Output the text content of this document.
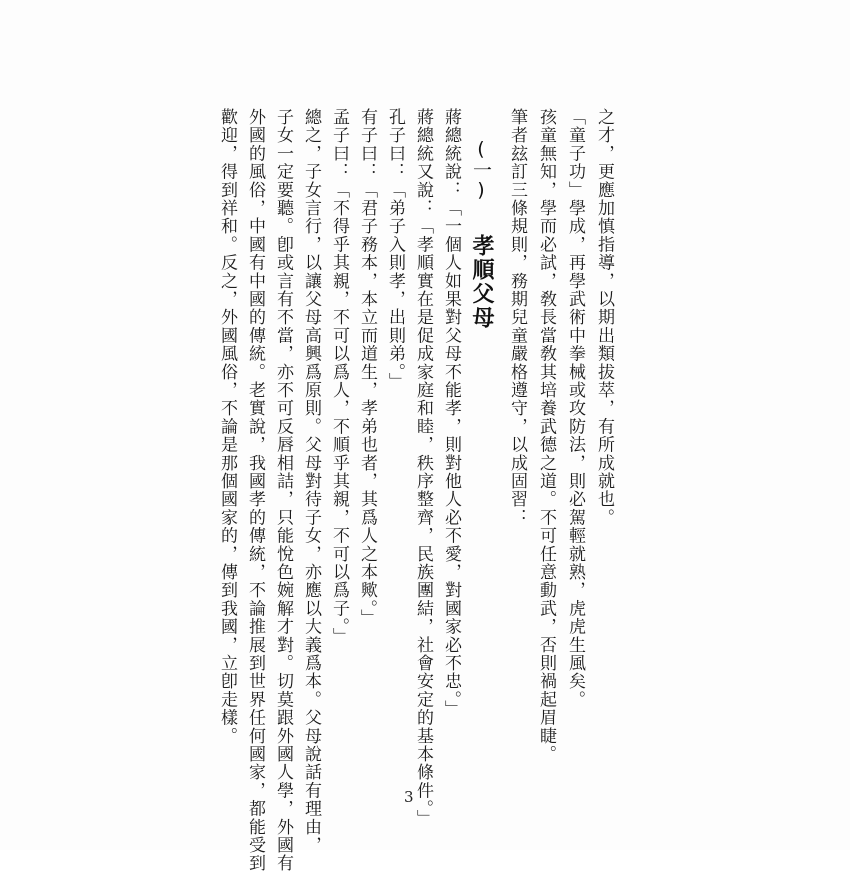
之才，更應加慎指導，以期出類拔萃，有所成就也。
「童子功」學成，再學武術中拳械或攻防法，則必駕輕就熟，虎虎生風矣。
孩童無知，學而必試，敎長當敎其培養武德之道。不可任意動武，否則禍起眉睫。
筆者玆訂三條規則，務期兒童嚴格遵守，以成固習：
(一) 孝順父母
蔣總統說：「一個人如果對父母不能孝，則對他人必不愛，對國家必不忠。」
蔣總統又說：「孝順實在是促成家庭和睦，秩序整齊，民族團結，社會安定的基本條件。」
孔子曰：「弟子入則孝，出則弟。」
有子曰：「君子務本，本立而道生，孝弟也者，其爲人之本歟。」
孟子曰：「不得乎其親，不可以爲人，不順乎其親，不可以爲子。」
總之，子女言行，以讓父母高興爲原則。父母對待子女，亦應以大義爲本。父母說話有理由，
子女一定要聽。卽或言有不當，亦不可反唇相詰，只能悅色婉解才對。切莫跟外國人學，外國有
外國的風俗，中國有中國的傳統。老實說，我國孝的傳統，不論推展到世界任何國家，都能受到
歡迎，得到祥和。反之，外國風俗，不論是那個國家的，傳到我國，立卽走樣。
3
